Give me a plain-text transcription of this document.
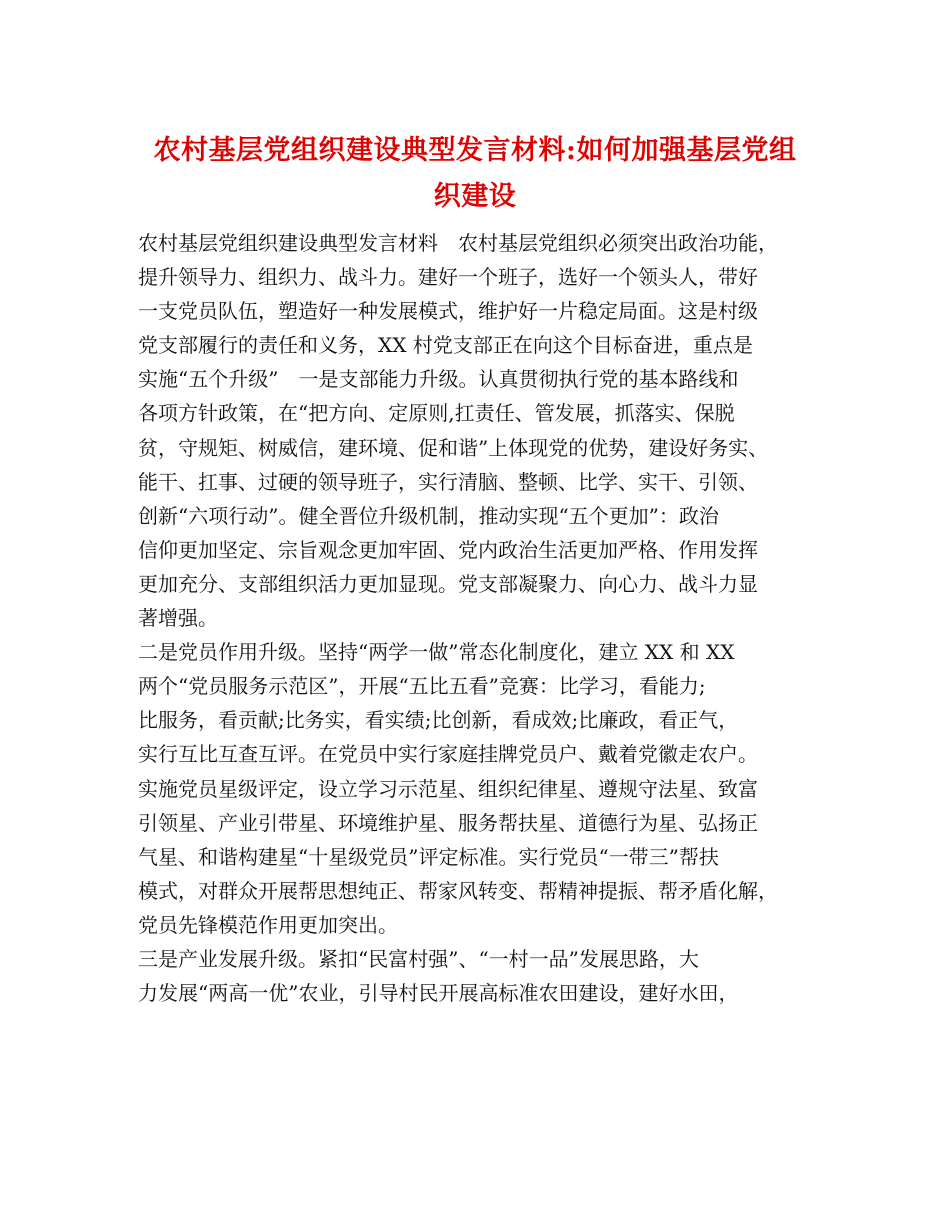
农村基层党组织建设典型发言材料:如何加强基层党组
织建设
农村基层党组织建设典型发言材料　农村基层党组织必须突出政治功能，
提升领导力、组织力、战斗力。建好一个班子，选好一个领头人，带好
一支党员队伍，塑造好一种发展模式，维护好一片稳定局面。这是村级
党支部履行的责任和义务，XX 村党支部正在向这个目标奋进，重点是
实施“五个升级”　一是支部能力升级。认真贯彻执行党的基本路线和
各项方针政策，在“把方向、定原则,扛责任、管发展，抓落实、保脱
贫，守规矩、树威信，建环境、促和谐”上体现党的优势，建设好务实、
能干、扛事、过硬的领导班子，实行清脑、整顿、比学、实干、引领、
创新“六项行动”。健全晋位升级机制，推动实现“五个更加”：政治
信仰更加坚定、宗旨观念更加牢固、党内政治生活更加严格、作用发挥
更加充分、支部组织活力更加显现。党支部凝聚力、向心力、战斗力显
著增强。
二是党员作用升级。坚持“两学一做”常态化制度化，建立 XX 和 XX
两个“党员服务示范区”，开展“五比五看”竞赛：比学习，看能力;
比服务，看贡献;比务实，看实绩;比创新，看成效;比廉政，看正气，
实行互比互查互评。在党员中实行家庭挂牌党员户、戴着党徽走农户。
实施党员星级评定，设立学习示范星、组织纪律星、遵规守法星、致富
引领星、产业引带星、环境维护星、服务帮扶星、道德行为星、弘扬正
气星、和谐构建星“十星级党员”评定标准。实行党员“一带三”帮扶
模式，对群众开展帮思想纯正、帮家风转变、帮精神提振、帮矛盾化解，
党员先锋模范作用更加突出。
三是产业发展升级。紧扣“民富村强”、“一村一品”发展思路，大
力发展“两高一优”农业，引导村民开展高标准农田建设，建好水田，
